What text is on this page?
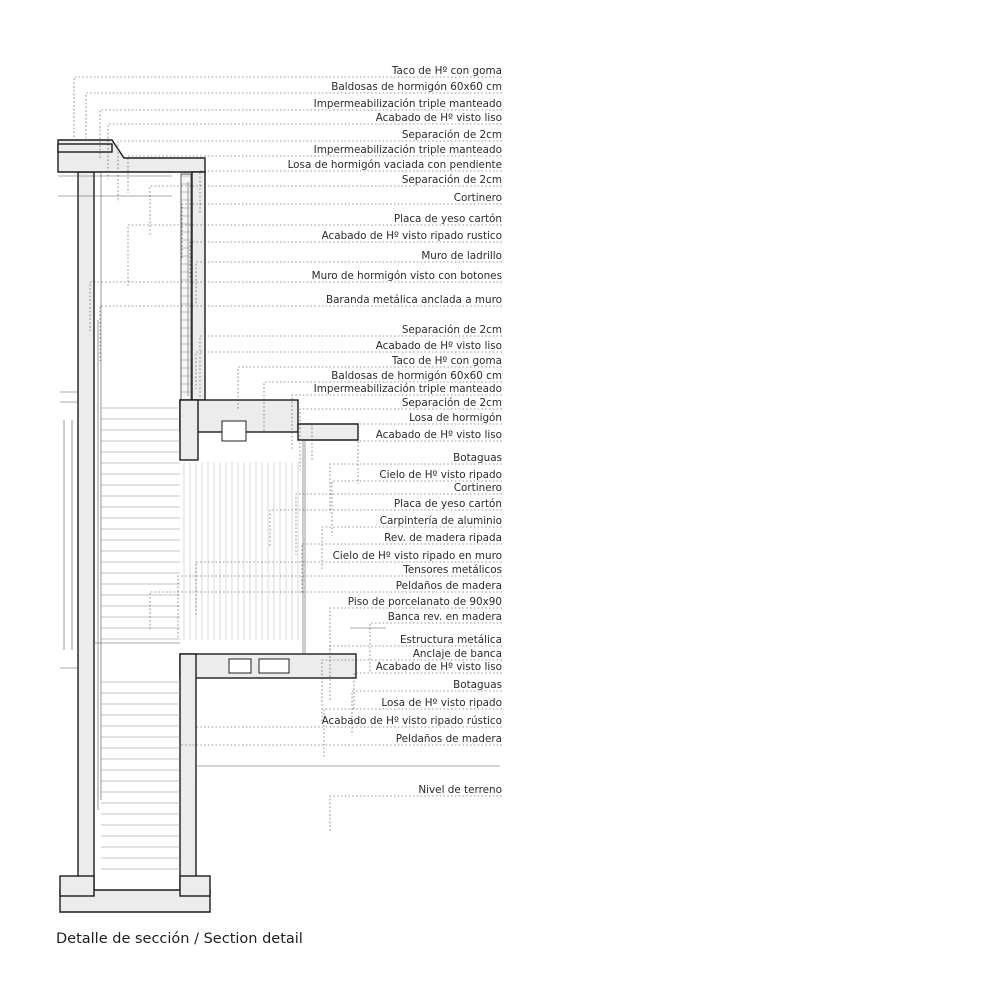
Taco de Hº con goma
Baldosas de hormigón 60x60 cm
Impermeabilización triple manteado
Acabado de Hº visto liso
Separación de 2cm
Impermeabilización triple manteado
Losa de hormigón vaciada con pendiente
Separación de 2cm
Cortinero
Placa de yeso cartón
Acabado de Hº visto ripado rustico
Muro de ladrillo
Muro de hormigón visto con botones
Baranda metálica anclada a muro
Separación de 2cm
Acabado de Hº visto liso
Taco de Hº con goma
Baldosas de hormigón 60x60 cm
Impermeabilización triple manteado
Separación de 2cm
Losa de hormigón
Acabado de Hº visto liso
Botaguas
Cielo de Hº visto ripado
Cortinero
Placa de yeso cartón
Carpintería de aluminio
Rev. de madera ripada
Cielo de Hº visto ripado en muro
Tensores metálicos
Peldaños de madera
Piso de porcelanato de 90x90
Banca rev. en madera
Estructura metálica
Anclaje de banca
Acabado de Hº visto liso
Botaguas
Losa de Hº visto ripado
Acabado de Hº visto ripado rústico
Peldaños de madera
Nivel de terreno
Detalle de sección / Section detail
